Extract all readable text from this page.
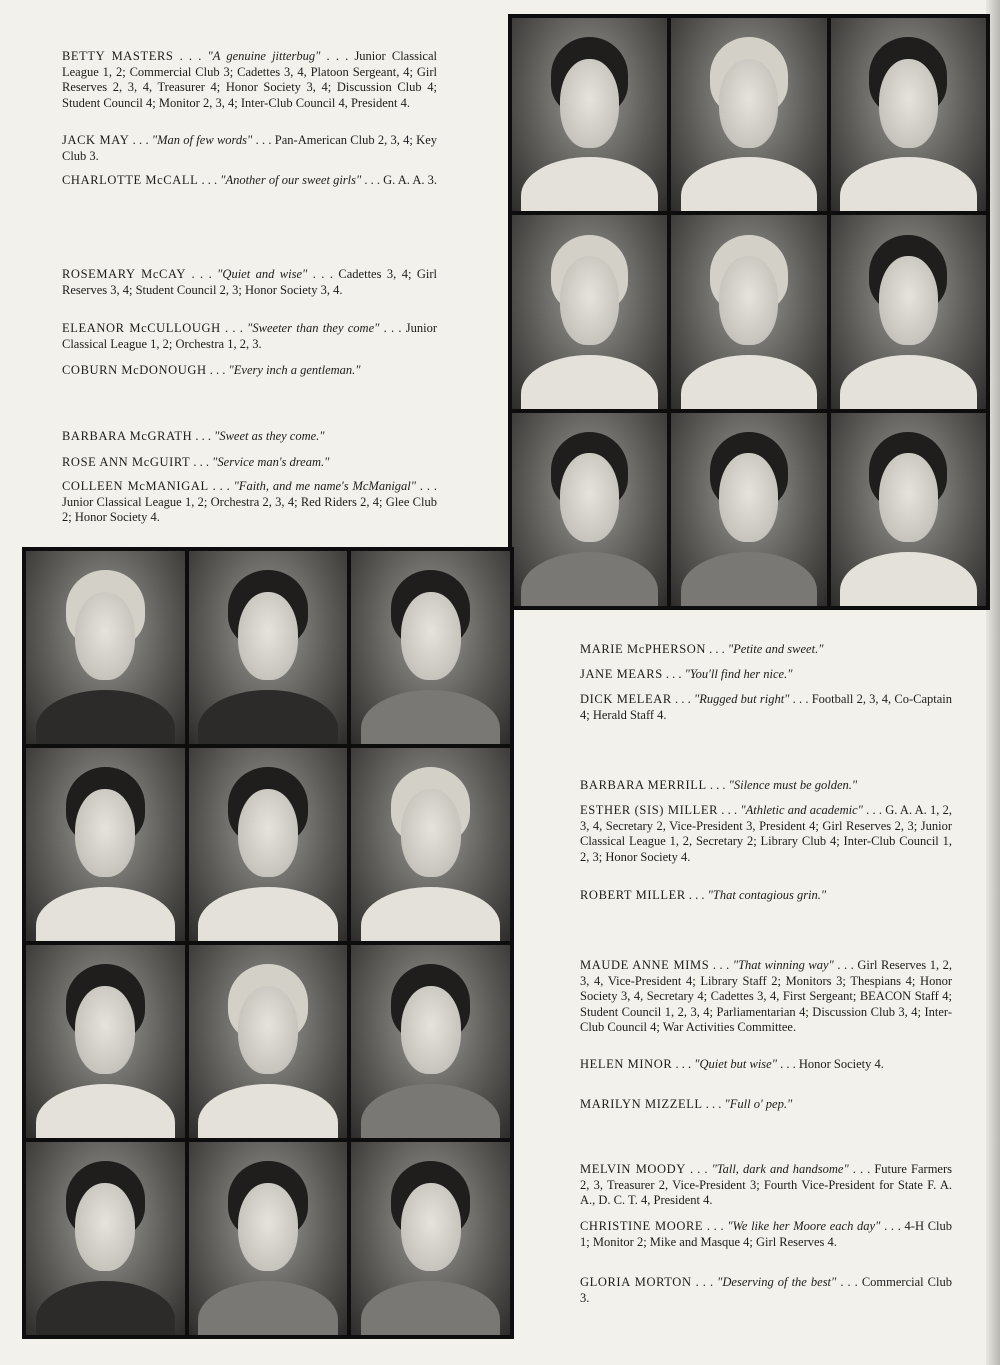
BETTY MASTERS . . . "A genuine jitterbug" . . . Junior Classical League 1, 2; Commercial Club 3; Cadettes 3, 4, Platoon Sergeant, 4; Girl Reserves 2, 3, 4, Treasurer 4; Honor Society 3, 4; Discussion Club 4; Student Council 4; Monitor 2, 3, 4; Inter-Club Council 4, President 4.
JACK MAY . . . "Man of few words" . . . Pan-American Club 2, 3, 4; Key Club 3.
CHARLOTTE McCALL . . . "Another of our sweet girls" . . . G. A. A. 3.
ROSEMARY McCAY . . . "Quiet and wise" . . . Cadettes 3, 4; Girl Reserves 3, 4; Student Council 2, 3; Honor Society 3, 4.
ELEANOR McCULLOUGH . . . "Sweeter than they come" . . . Junior Classical League 1, 2; Orchestra 1, 2, 3.
COBURN McDONOUGH . . . "Every inch a gentleman."
BARBARA McGRATH . . . "Sweet as they come."
ROSE ANN McGUIRT . . . "Service man's dream."
COLLEEN McMANIGAL . . . "Faith, and me name's McManigal" . . . Junior Classical League 1, 2; Orchestra 2, 3, 4; Red Riders 2, 4; Glee Club 2; Honor Society 4.
MARIE McPHERSON . . . "Petite and sweet."
JANE MEARS . . . "You'll find her nice."
DICK MELEAR . . . "Rugged but right" . . . Football 2, 3, 4, Co-Captain 4; Herald Staff 4.
BARBARA MERRILL . . . "Silence must be golden."
ESTHER (SIS) MILLER . . . "Athletic and academic" . . . G. A. A. 1, 2, 3, 4, Secretary 2, Vice-President 3, President 4; Girl Reserves 2, 3; Junior Classical League 1, 2, Secretary 2; Library Club 4; Inter-Club Council 1, 2, 3; Honor Society 4.
ROBERT MILLER . . . "That contagious grin."
MAUDE ANNE MIMS . . . "That winning way" . . . Girl Reserves 1, 2, 3, 4, Vice-President 4; Library Staff 2; Monitors 3; Thespians 4; Honor Society 3, 4, Secretary 4; Cadettes 3, 4, First Sergeant; BEACON Staff 4; Student Council 1, 2, 3, 4; Parliamentarian 4; Discussion Club 3, 4; Inter-Club Council 4; War Activities Committee.
HELEN MINOR . . . "Quiet but wise" . . . Honor Society 4.
MARILYN MIZZELL . . . "Full o' pep."
MELVIN MOODY . . . "Tall, dark and handsome" . . . Future Farmers 2, 3, Treasurer 2, Vice-President 3; Fourth Vice-President for State F. A. A., D. C. T. 4, President 4.
CHRISTINE MOORE . . . "We like her Moore each day" . . . 4-H Club 1; Monitor 2; Mike and Masque 4; Girl Reserves 4.
GLORIA MORTON . . . "Deserving of the best" . . . Commercial Club 3.
